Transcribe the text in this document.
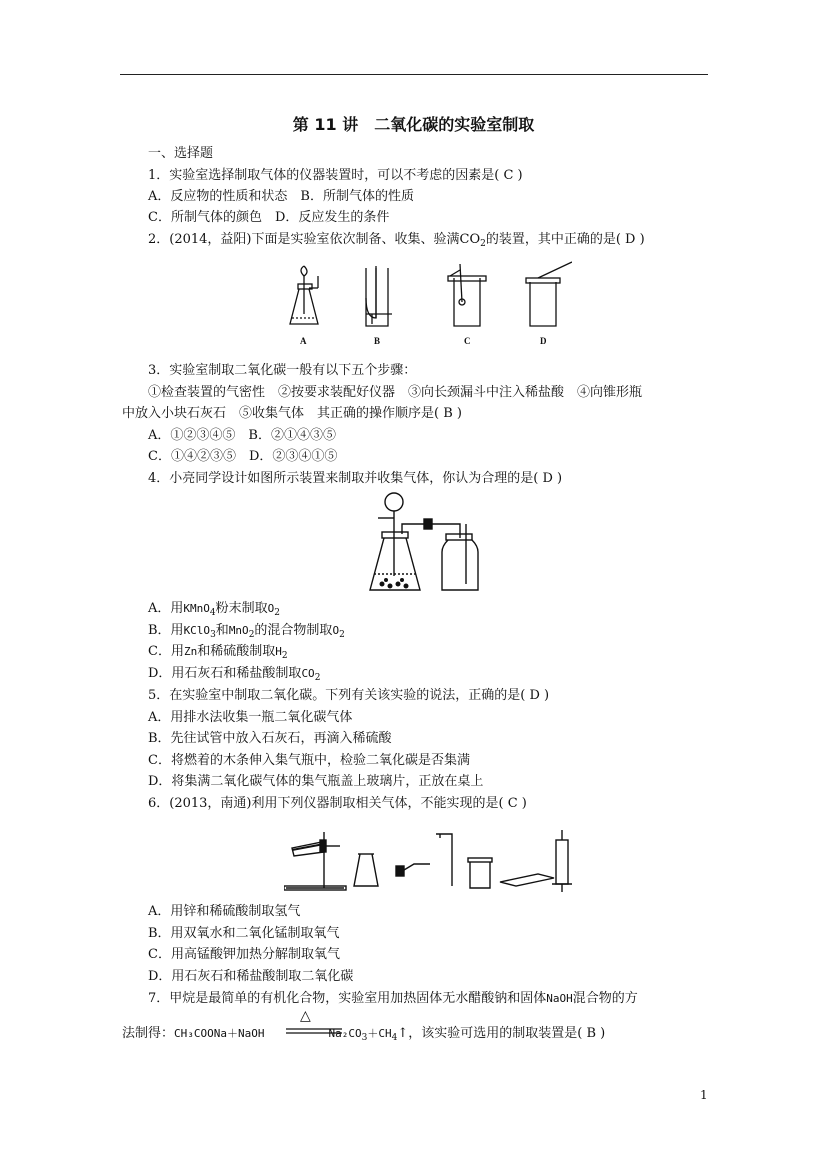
第 11 讲　二氧化碳的实验室制取
一、选择题
1．实验室选择制取气体的仪器装置时，可以不考虑的因素是( C )
A．反应物的性质和状态　B．所制气体的性质
C．所制气体的颜色　D．反应发生的条件
2．(2014，益阳)下面是实验室依次制备、收集、验满$CO_2$的装置，其中正确的是( D )
A	B	C	D
3．实验室制取二氧化碳一般有以下五个步骤：
①检查装置的气密性　②按要求装配好仪器　③向长颈漏斗中注入稀盐酸　④向锥形瓶
中放入小块石灰石　⑤收集气体　其正确的操作顺序是( B )
A．①②③④⑤　B．②①④③⑤
C．①④②③⑤　D．②③④①⑤
4．小亮同学设计如图所示装置来制取并收集气体，你认为合理的是( D )
A．用KMnO$_4$粉末制取$O_2$
B．用KClO$_3$和MnO$_2$的混合物制取$O_2$
C．用Zn和稀硫酸制取$H_2$
D．用石灰石和稀盐酸制取$CO_2$
5．在实验室中制取二氧化碳。下列有关该实验的说法，正确的是( D )
A．用排水法收集一瓶二氧化碳气体
B．先往试管中放入石灰石，再滴入稀硫酸
C．将燃着的木条伸入集气瓶中，检验二氧化碳是否集满
D．将集满二氧化碳气体的集气瓶盖上玻璃片，正放在桌上
6．(2013，南通)利用下列仪器制取相关气体，不能实现的是( C )
A．用锌和稀硫酸制取氢气
B．用双氧水和二氧化锰制取氧气
C．用高锰酸钾加热分解制取氧气
D．用石灰石和稀盐酸制取二氧化碳
7．甲烷是最简单的有机化合物，实验室用加热固体无水醋酸钠和固体NaOH混合物的方
法制得：CH₃COONa＋NaOH	$Na_2CO_3+CH_4↑$，该实验可选用的制取装置是( B )
△
1
